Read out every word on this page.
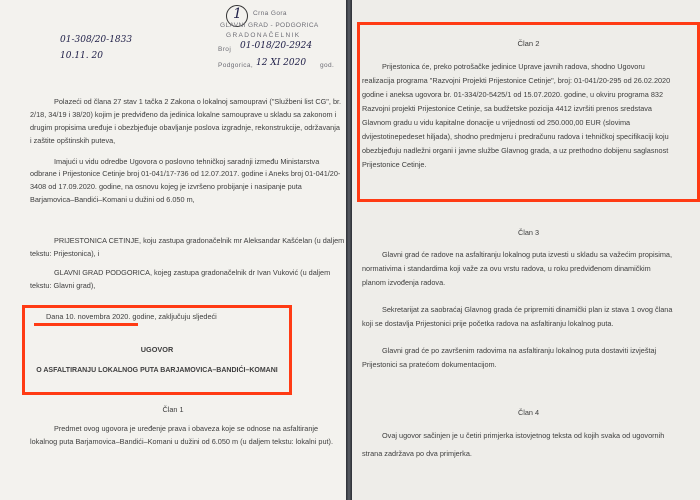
1
01-308/20-1833
10.11. 20
Crna Gora
GLAVNI GRAD - PODGORICA
GRADONAČELNIK
Broj 01-018/20-2924
Podgorica, 12 XI 2020 god.
Polazeći od člana 27 stav 1 tačka 2 Zakona o lokalnoj samoupravi ("Službeni list CG", br.
2/18, 34/19 i 38/20) kojim je predviđeno da jedinica lokalne samouprave u skladu sa zakonom i
drugim propisima uređuje i obezbjeđuje obavljanje poslova izgradnje, rekonstrukcije, održavanja
i zaštite opštinskih puteva,
Imajući u vidu odredbe Ugovora o poslovno tehničkoj saradnji između Ministarstva
odbrane i Prijestonice Cetinje broj 01-041/17-736 od 12.07.2017. godine i Aneks broj 01-041/20-
3408 od 17.09.2020. godine, na osnovu kojeg je izvršeno probijanje i nasipanje puta
Barjamovica–Bandići–Komani u dužini od 6.050 m,
PRIJESTONICA CETINJE, koju zastupa gradonačelnik mr Aleksandar Kašćelan (u daljem
tekstu: Prijestonica), i
GLAVNI GRAD PODGORICA, kojeg zastupa gradonačelnik dr Ivan Vuković (u daljem
tekstu: Glavni grad),
Dana 10. novembra 2020. godine, zaključuju sljedeći
UGOVOR
O ASFALTIRANJU LOKALNOG PUTA BARJAMOVICA–BANDIĆI–KOMANI
Član 1
Predmet ovog ugovora je uređenje prava i obaveza koje se odnose na asfaltiranje
lokalnog puta Barjamovica–Bandići–Komani u dužini od 6.050 m (u daljem tekstu: lokalni put).
Član 2
Prijestonica će, preko potrošačke jedinice Uprave javnih radova, shodno Ugovoru
realizacija programa "Razvojni Projekti Prijestonice Cetinje", broj: 01-041/20-295 od 26.02.2020
godine i aneksa ugovora br. 01-334/20-5425/1 od 15.07.2020. godine, u okviru programa 832
Razvojni projekti Prijestonice Cetinje, sa budžetske pozicija 4412 izvršiti prenos sredstava
Glavnom gradu u vidu kapitalne donacije u vrijednosti od 250.000,00 EUR (slovima
dvijestotinepedeset hiljada), shodno predmjeru i predračunu radova i tehničkoj specifikaciji koju
obezbjeđuju nadležni organi i javne službe Glavnog grada, a uz prethodno dobijenu saglasnost
Prijestonice Cetinje.
Član 3
Glavni grad će radove na asfaltiranju lokalnog puta izvesti u skladu sa važećim propisima,
normativima i standardima koji važe za ovu vrstu radova, u roku predviđenom dinamičkim
planom izvođenja radova.
Sekretarijat za saobraćaj Glavnog grada će pripremiti dinamički plan iz stava 1 ovog člana
koji se dostavlja Prijestonici prije početka radova na asfaltiranju lokalnog puta.
Glavni grad će po završenim radovima na asfaltiranju lokalnog puta dostaviti izvještaj
Prijestonici sa pratećom dokumentacijom.
Član 4
Ovaj ugovor sačinjen je u četiri primjerka istovjetnog teksta od kojih svaka od ugovornih
strana zadržava po dva primjerka.
